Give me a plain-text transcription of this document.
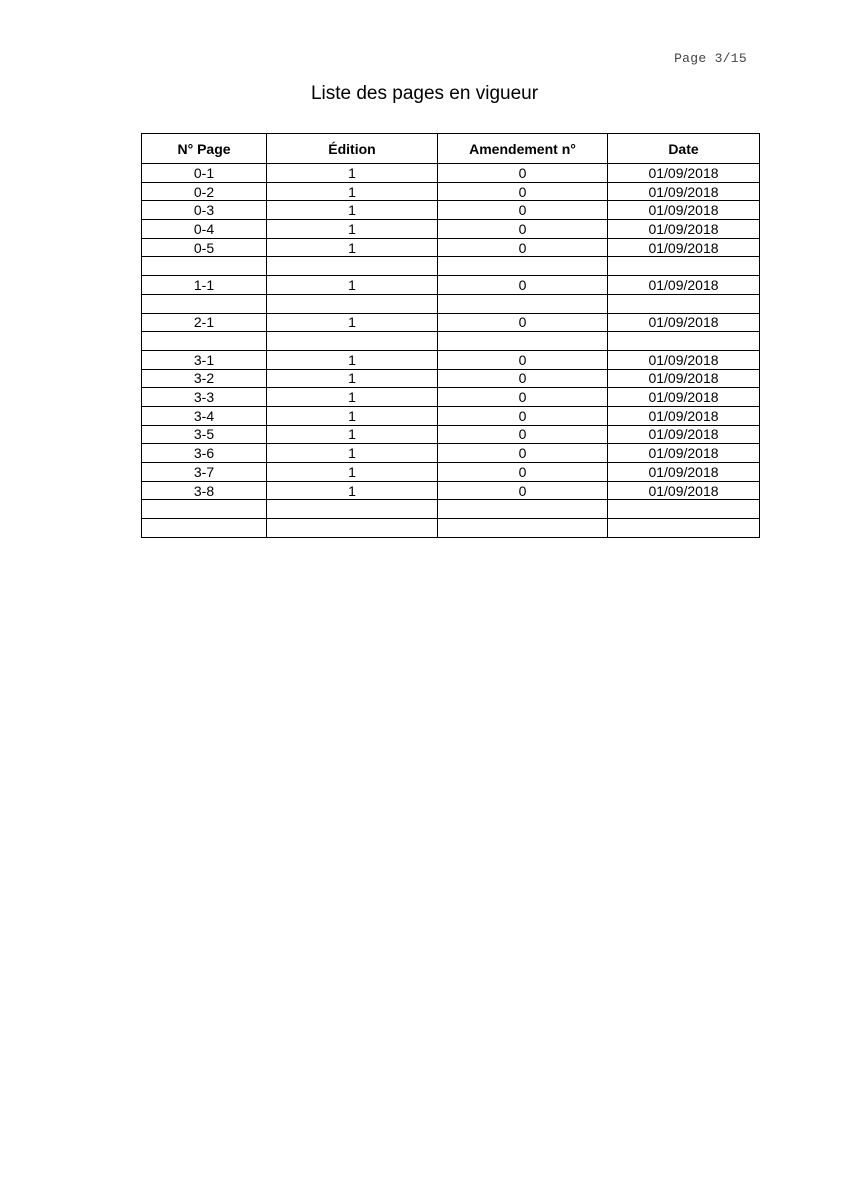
Page 3/15
Liste des pages en vigueur
N° Page	Édition	Amendement n°	Date
0-1	1	0	01/09/2018
0-2	1	0	01/09/2018
0-3	1	0	01/09/2018
0-4	1	0	01/09/2018
0-5	1	0	01/09/2018

1-1	1	0	01/09/2018

2-1	1	0	01/09/2018

3-1	1	0	01/09/2018
3-2	1	0	01/09/2018
3-3	1	0	01/09/2018
3-4	1	0	01/09/2018
3-5	1	0	01/09/2018
3-6	1	0	01/09/2018
3-7	1	0	01/09/2018
3-8	1	0	01/09/2018
